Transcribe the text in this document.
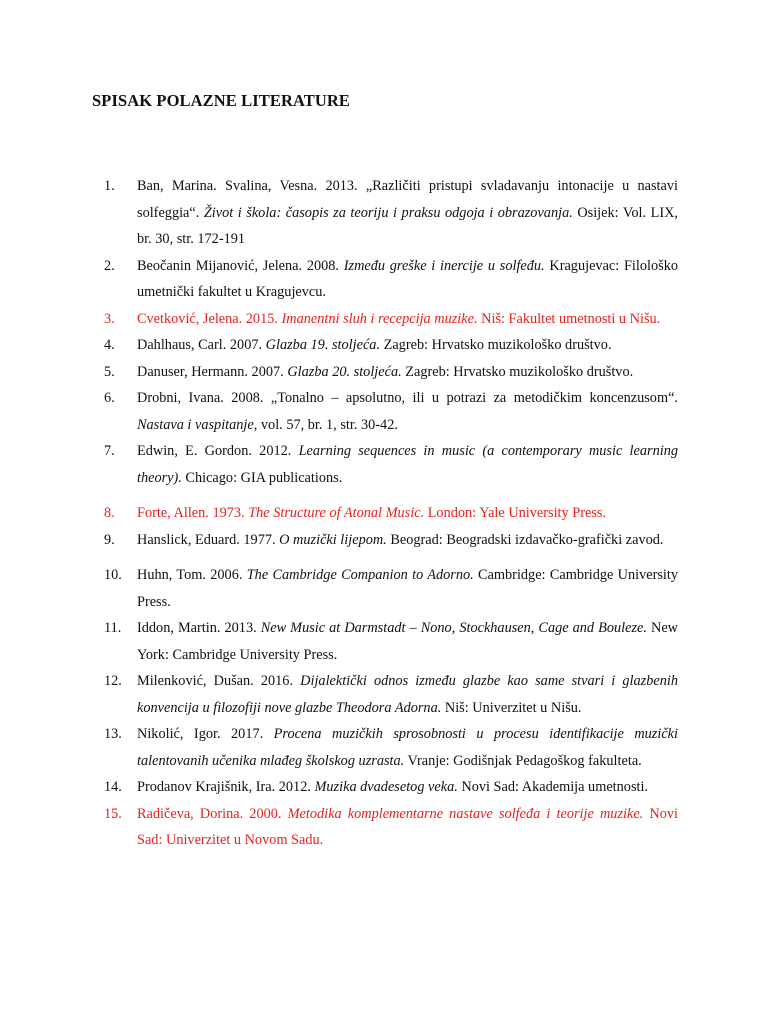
SPISAK POLAZNE LITERATURE
1.	Ban, Marina. Svalina, Vesna. 2013. „Različiti pristupi svladavanju intonacije u nastavi solfeggia“. Život i škola: časopis za teoriju i praksu odgoja i obrazovanja. Osijek: Vol. LIX, br. 30, str. 172-191
2.	Beočanin Mijanović, Jelena. 2008. Između greške i inercije u solfeđu. Kragujevac: Filološko umetnički fakultet u Kragujevcu.
3.	Cvetković, Jelena. 2015. Imanentni sluh i recepcija muzike. Niš: Fakultet umetnosti u Nišu.
4.	Dahlhaus, Carl. 2007. Glazba 19. stoljeća. Zagreb: Hrvatsko muzikološko društvo.
5.	Danuser, Hermann. 2007. Glazba 20. stoljeća. Zagreb: Hrvatsko muzikološko društvo.
6.	Drobni, Ivana. 2008. „Tonalno – apsolutno, ili u potrazi za metodičkim koncenzusom“. Nastava i vaspitanje, vol. 57, br. 1, str. 30-42.
7.	Edwin, E. Gordon. 2012. Learning sequences in music (a contemporary music learning theory). Chicago: GIA publications.
8.	Forte, Allen. 1973. The Structure of Atonal Music. London: Yale University Press.
9.	Hanslick, Eduard. 1977. O muzički lijepom. Beograd: Beogradski izdavačko-grafički zavod.
10.	Huhn, Tom. 2006. The Cambridge Companion to Adorno. Cambridge: Cambridge University Press.
11.	Iddon, Martin. 2013. New Music at Darmstadt – Nono, Stockhausen, Cage and Bouleze. New York: Cambridge University Press.
12.	Milenković, Dušan. 2016. Dijalektički odnos između glazbe kao same stvari i glazbenih konvencija u filozofiji nove glazbe Theodora Adorna. Niš: Univerzitet u Nišu.
13.	Nikolić, Igor. 2017. Procena muzičkih sprosobnosti u procesu identifikacije muzički talentovanih učenika mlađeg školskog uzrasta. Vranje: Godišnjak Pedagoškog fakulteta.
14.	Prodanov Krajišnik, Ira. 2012. Muzika dvadesetog veka. Novi Sad: Akademija umetnosti.
15.	Radičeva, Dorina. 2000. Metodika komplementarne nastave solfeđa i teorije muzike. Novi Sad: Univerzitet u Novom Sadu.
